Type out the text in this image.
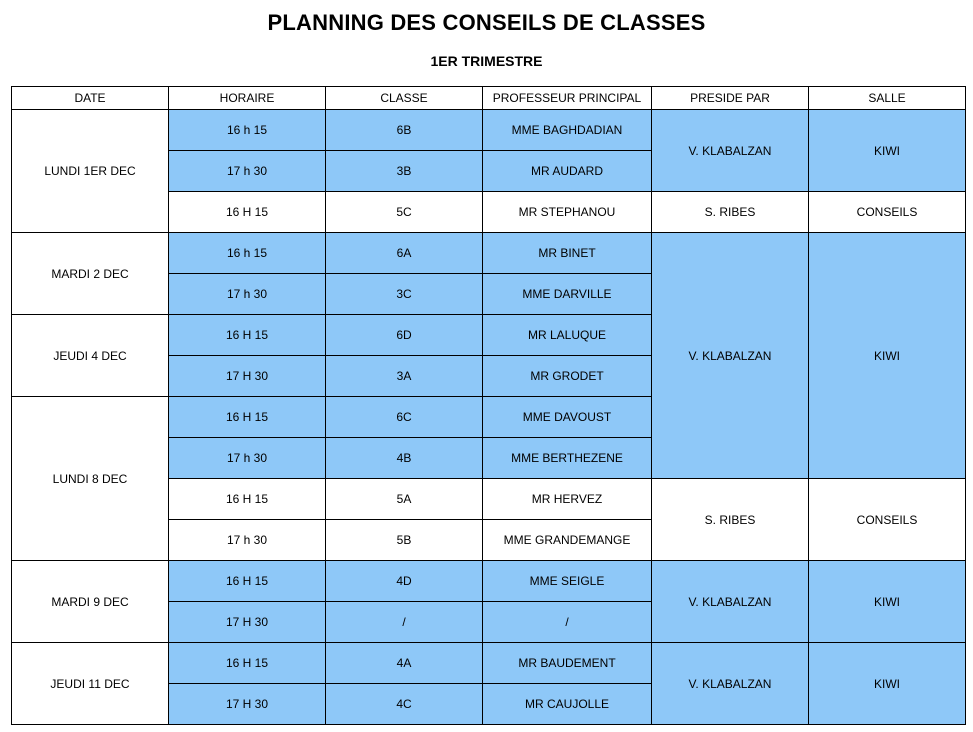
PLANNING DES CONSEILS DE CLASSES
1ER TRIMESTRE
DATE	HORAIRE	CLASSE	PROFESSEUR PRINCIPAL	PRESIDE PAR	SALLE
LUNDI 1ER DEC	16 h 15	6B	MME BAGHDADIAN	V. KLABALZAN	KIWI
	17 h 30	3B	MR AUDARD		
	16 H 15	5C	MR STEPHANOU	S. RIBES	CONSEILS
MARDI 2 DEC	16 h 15	6A	MR BINET	V. KLABALZAN	KIWI
	17 h 30	3C	MME DARVILLE		
JEUDI 4 DEC	16 H 15	6D	MR LALUQUE		
	17 H 30	3A	MR GRODET		
LUNDI 8 DEC	16 H 15	6C	MME DAVOUST		
	17 h 30	4B	MME BERTHEZENE		
	16 H 15	5A	MR HERVEZ	S. RIBES	CONSEILS
	17 h 30	5B	MME GRANDEMANGE		
MARDI 9 DEC	16 H 15	4D	MME SEIGLE	V. KLABALZAN	KIWI
	17 H 30	/	/		
JEUDI 11 DEC	16 H 15	4A	MR BAUDEMENT	V. KLABALZAN	KIWI
	17 H 30	4C	MR CAUJOLLE		
